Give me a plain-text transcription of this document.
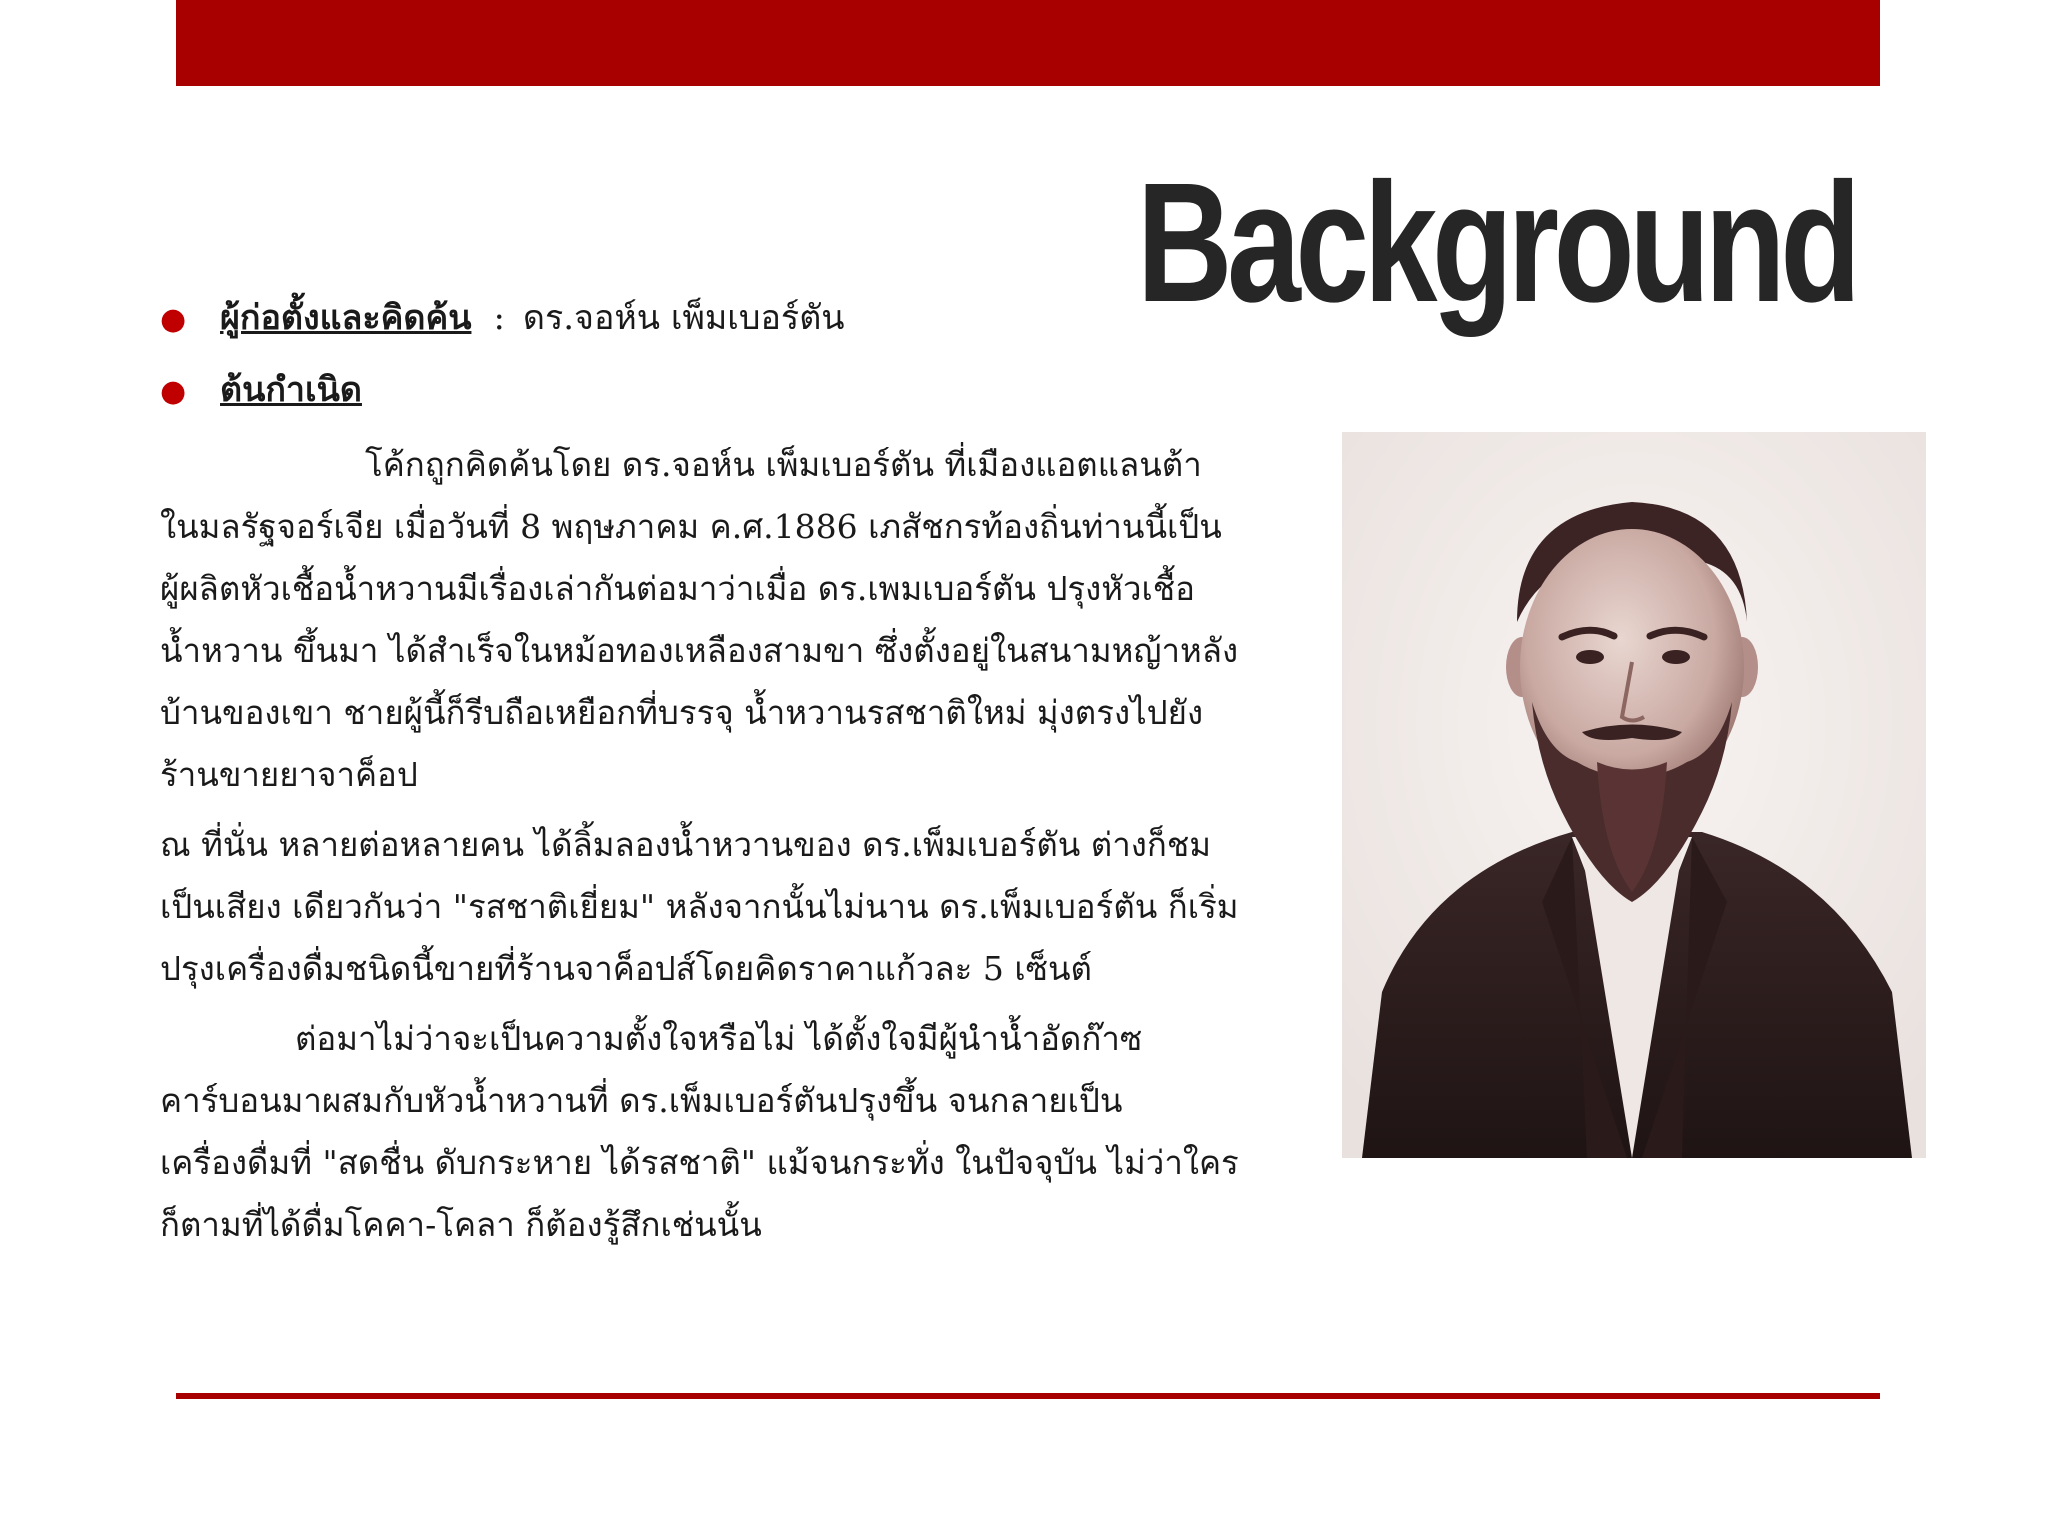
Background
● ผู้ก่อตั้งและคิดค้น : ดร.จอห์น เพ็มเบอร์ตัน
● ต้นกำเนิด

โค้กถูกคิดค้นโดย ดร.จอห์น เพ็มเบอร์ตัน ที่เมืองแอตแลนต้า
ในมลรัฐจอร์เจีย เมื่อวันที่ 8 พฤษภาคม ค.ศ.1886 เภสัชกรท้องถิ่นท่านนี้เป็น
ผู้ผลิตหัวเชื้อน้ำหวานมีเรื่องเล่ากันต่อมาว่าเมื่อ ดร.เพมเบอร์ตัน ปรุงหัวเชื้อ
น้ำหวาน ขึ้นมา ได้สำเร็จในหม้อทองเหลืองสามขา ซึ่งตั้งอยู่ในสนามหญ้าหลัง
บ้านของเขา ชายผู้นี้ก็รีบถือเหยือกที่บรรจุ น้ำหวานรสชาติใหม่ มุ่งตรงไปยัง
ร้านขายยาจาค็อป

ณ ที่นั่น หลายต่อหลายคน ได้ลิ้มลองน้ำหวานของ ดร.เพ็มเบอร์ตัน ต่างก็ชม
เป็นเสียง เดียวกันว่า "รสชาติเยี่ยม" หลังจากนั้นไม่นาน ดร.เพ็มเบอร์ตัน ก็เริ่ม
ปรุงเครื่องดื่มชนิดนี้ขายที่ร้านจาค็อปส์โดยคิดราคาแก้วละ 5 เซ็นต์

ต่อมาไม่ว่าจะเป็นความตั้งใจหรือไม่ ได้ตั้งใจมีผู้นำน้ำอัดก๊าซ
คาร์บอนมาผสมกับหัวน้ำหวานที่ ดร.เพ็มเบอร์ตันปรุงขึ้น จนกลายเป็น
เครื่องดื่มที่ "สดชื่น ดับกระหาย ได้รสชาติ" แม้จนกระทั่ง ในปัจจุบัน ไม่ว่าใคร
ก็ตามที่ได้ดื่มโคคา-โคลา ก็ต้องรู้สึกเช่นนั้น
